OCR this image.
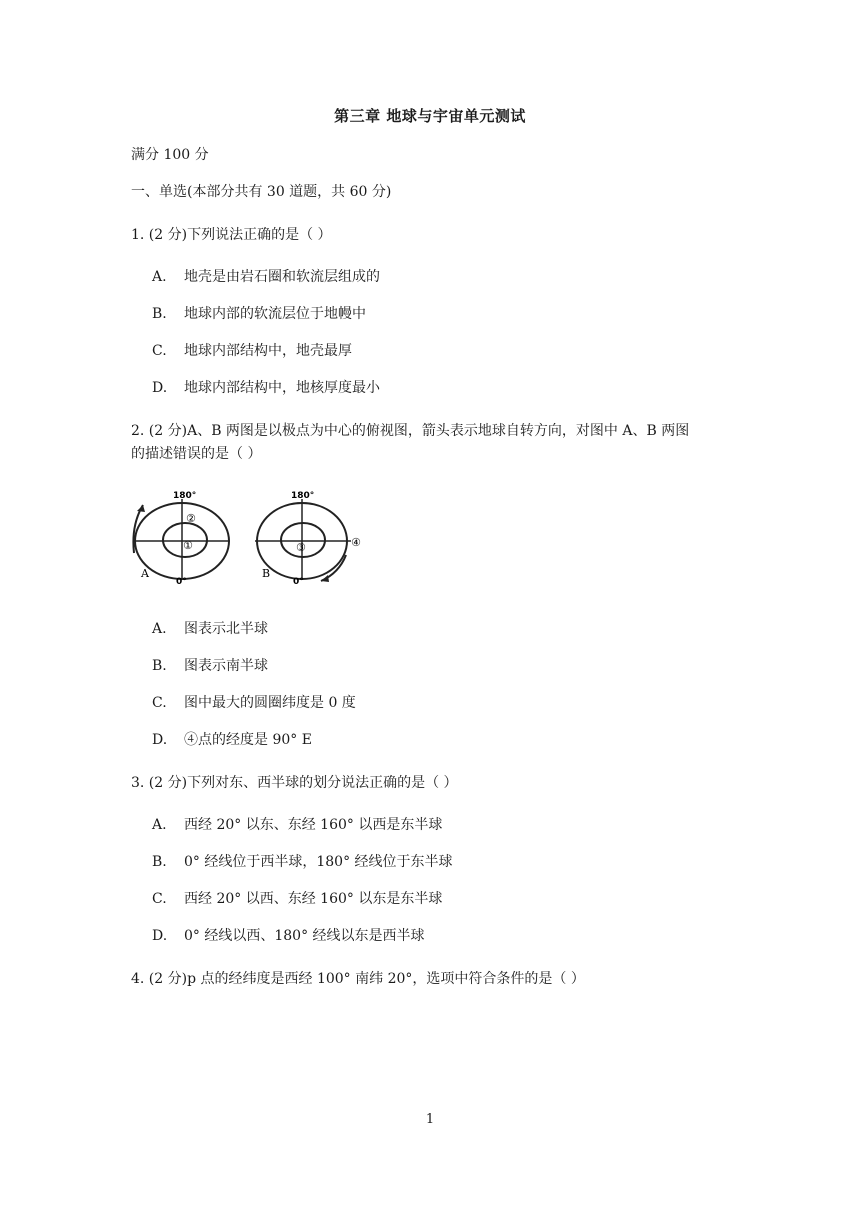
第三章 地球与宇宙单元测试
满分 100 分
一、单选(本部分共有 30 道题，共 60 分)
1. (2 分)下列说法正确的是（ ）
A. 地壳是由岩石圈和软流层组成的
B. 地球内部的软流层位于地幔中
C. 地球内部结构中，地壳最厚
D. 地球内部结构中，地核厚度最小
2. (2 分)A、B 两图是以极点为中心的俯视图，箭头表示地球自转方向，对图中 A、B 两图
的描述错误的是（ ）
180°
0°
A
①
②
180°
0°
B
③	④
A. 图表示北半球
B. 图表示南半球
C. 图中最大的圆圈纬度是 0 度
D. ④点的经度是 90° E
3. (2 分)下列对东、西半球的划分说法正确的是（ ）
A. 西经 20° 以东、东经 160° 以西是东半球
B. 0° 经线位于西半球，180° 经线位于东半球
C. 西经 20° 以西、东经 160° 以东是东半球
D. 0° 经线以西、180° 经线以东是西半球
4. (2 分)p 点的经纬度是西经 100° 南纬 20°，选项中符合条件的是（ ）
1
